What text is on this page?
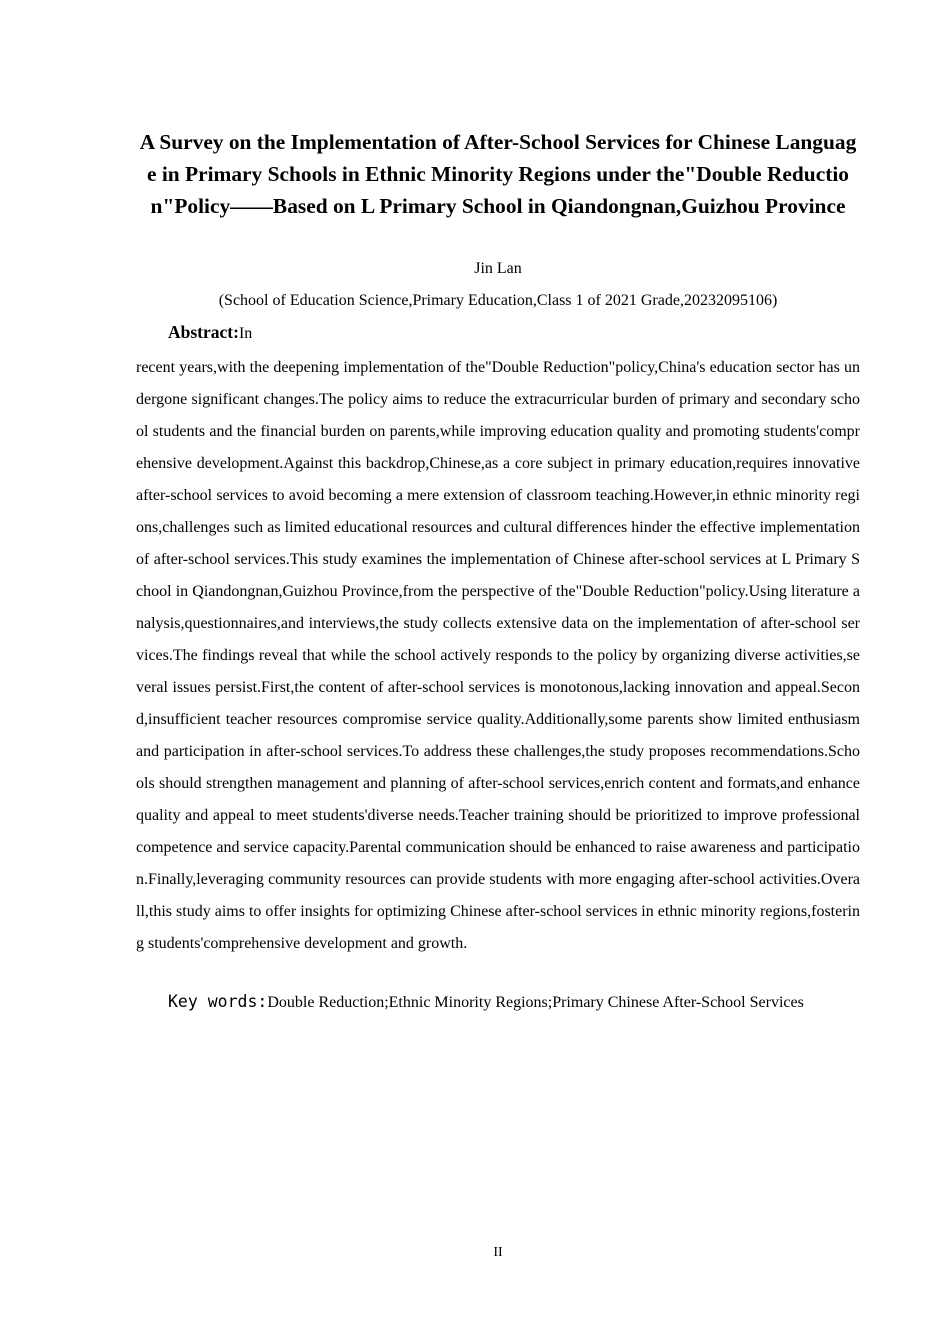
A Survey on the Implementation of After-School Services for Chinese Language in Primary Schools in Ethnic Minority Regions under the"Double Reduction"Policy——Based on L Primary School in Qiandongnan,Guizhou Province
Jin Lan
(School of Education Science,Primary Education,Class 1 of 2021 Grade,20232095106)
Abstract:In
recent years,with the deepening implementation of the"Double Reduction"policy,China's education sector has undergone significant changes.The policy aims to reduce the extracurricular burden of primary and secondary school students and the financial burden on parents,while improving education quality and promoting students'comprehensive development.Against this backdrop,Chinese,as a core subject in primary education,requires innovative after-school services to avoid becoming a mere extension of classroom teaching.However,in ethnic minority regions,challenges such as limited educational resources and cultural differences hinder the effective implementation of after-school services.This study examines the implementation of Chinese after-school services at L Primary School in Qiandongnan,Guizhou Province,from the perspective of the"Double Reduction"policy.Using literature analysis,questionnaires,and interviews,the study collects extensive data on the implementation of after-school services.The findings reveal that while the school actively responds to the policy by organizing diverse activities,several issues persist.First,the content of after-school services is monotonous,lacking innovation and appeal.Second,insufficient teacher resources compromise service quality.Additionally,some parents show limited enthusiasm and participation in after-school services.To address these challenges,the study proposes recommendations.Schools should strengthen management and planning of after-school services,enrich content and formats,and enhance quality and appeal to meet students'diverse needs.Teacher training should be prioritized to improve professional competence and service capacity.Parental communication should be enhanced to raise awareness and participation.Finally,leveraging community resources can provide students with more engaging after-school activities.Overall,this study aims to offer insights for optimizing Chinese after-school services in ethnic minority regions,fostering students'comprehensive development and growth.
Key words:Double Reduction;Ethnic Minority Regions;Primary Chinese After-School Services
II
